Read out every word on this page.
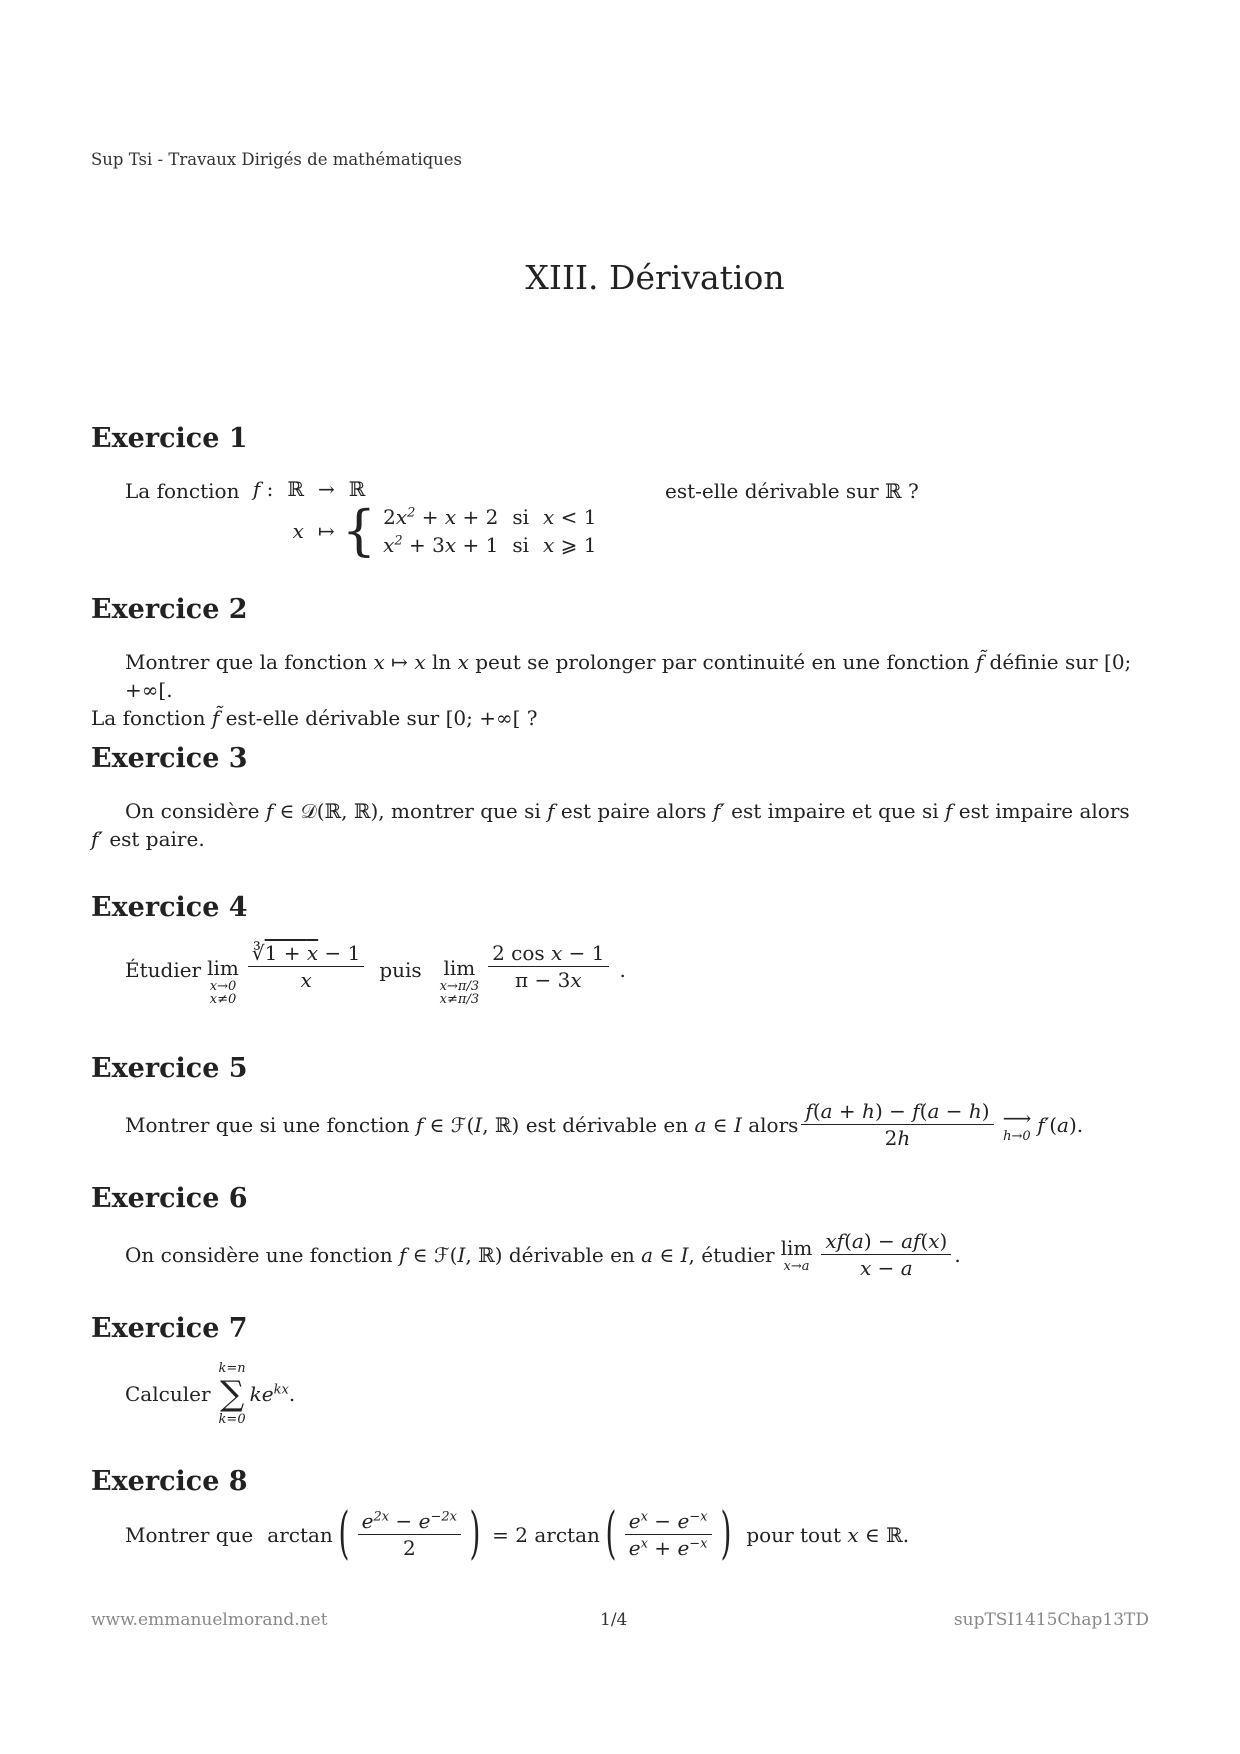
Sup Tsi - Travaux Dirigés de mathématiques
XIII. Dérivation
Exercice 1
La fonction
f :	ℝ	→	ℝ	
	x	↦	{ $2x^2 + x + 2$	si	x < 1
$x^2 + 3x + 1$	si	x ⩾ 1
est-elle dérivable sur ℝ ?
Exercice 2
Montrer que la fonction x ↦ x ln x peut se prolonger par continuité en une fonction f̃ définie sur [0; +∞[.
La fonction f̃ est-elle dérivable sur [0; +∞[ ?
Exercice 3
On considère f ∈ 𝒟(ℝ, ℝ), montrer que si f est paire alors f′ est impaire et que si f est impaire alors
f′ est paire.
Exercice 4
Étudier lim
x→0
x≠0
$\frac{∛1 + x - 1}{x}$ puis lim
x→π/3
x≠π/3
$\frac{\text{2 cos x − 1}}{\pi - 3x}$ .
Exercice 5
Montrer que si une fonction
f ∈ ℱ(I, ℝ)
est dérivable en
a ∈ I
alors $\frac{f(a + h) - f(a - h)}{2h}$ ⟶
h→0 f′(a).
Exercice 6
On considère une fonction
f ∈ ℱ(I, ℝ)
dérivable en
a ∈ I,
étudier lim
$x\to a \frac{xf(a) - af(x)}{x - a}$ .
Exercice 7
Calculer
k=n
∑
k=0
$ke^{kx}$.
Exercice 8
Montrer que arctan ( $\frac{e^{2x} - e^{-2x}}{2}$ ) = 2 arctan ( $\frac{e^x - e^{-x}}{e^x + e^{-x}}$ ) pour tout
x ∈ ℝ.
www.emmanuelmorand.net	1/4	supTSI1415Chap13TD
